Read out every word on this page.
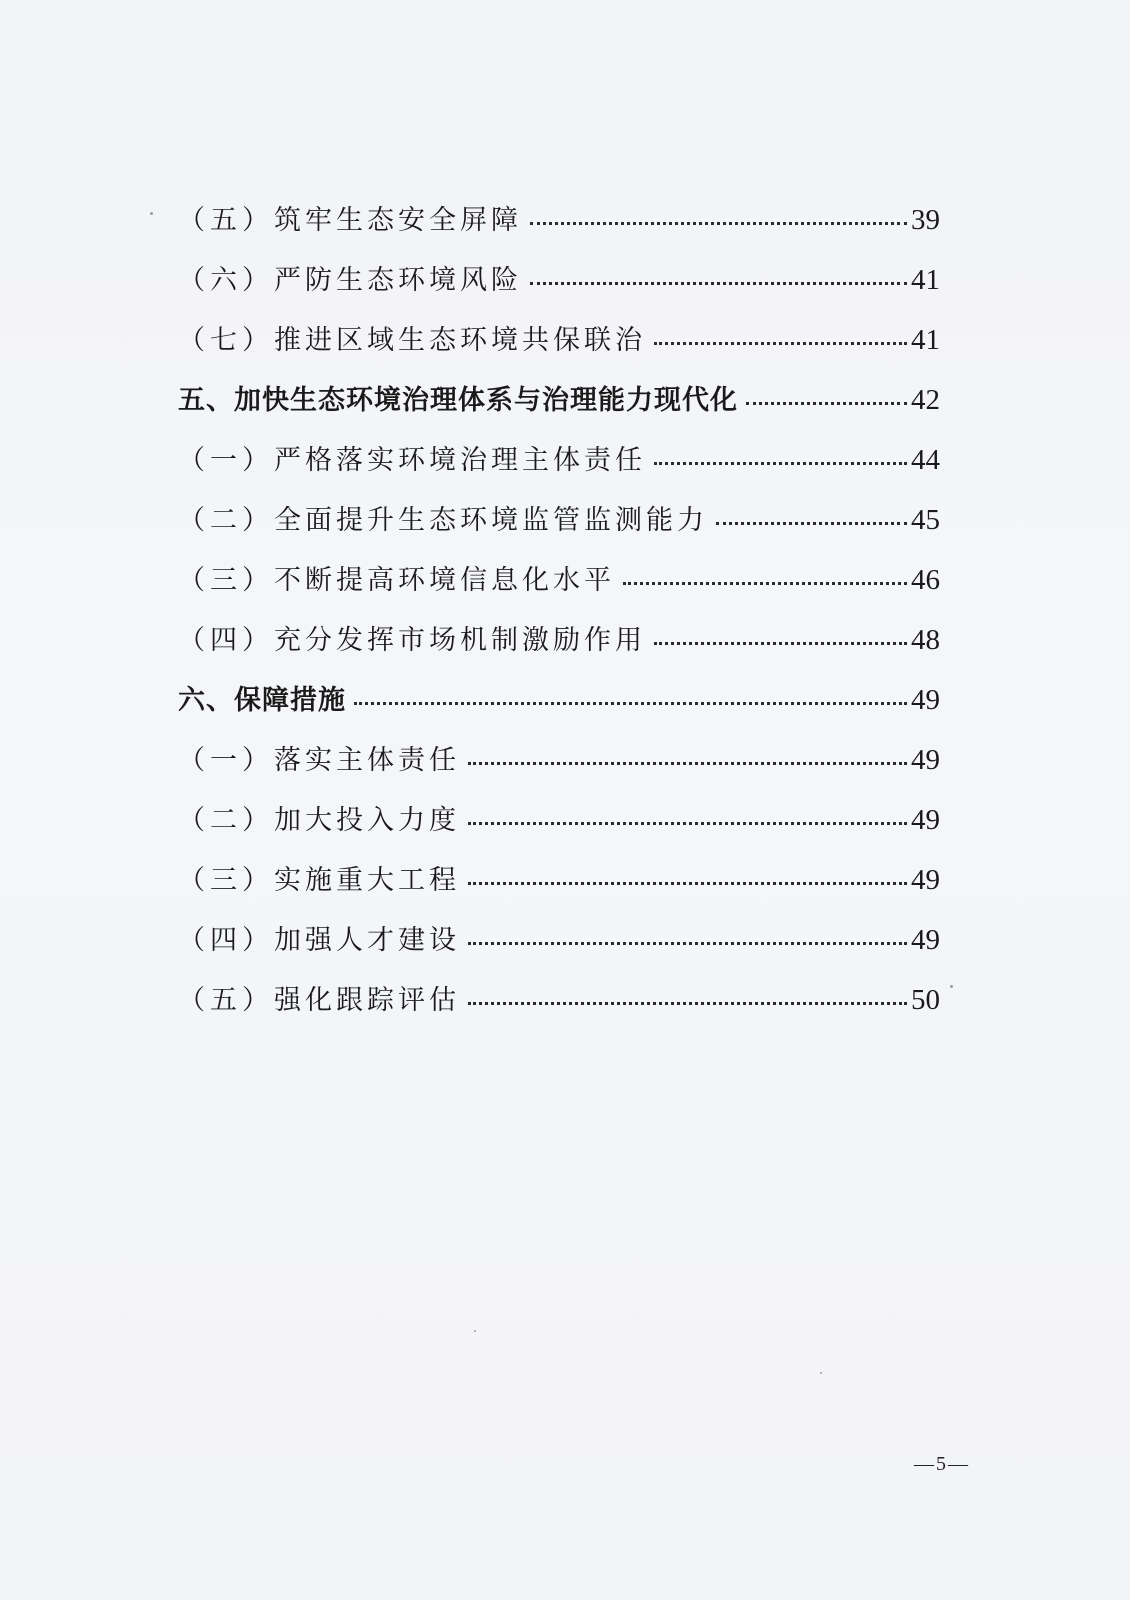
（五） 筑牢生态安全屏障	39
（六） 严防生态环境风险	41
（七） 推进区域生态环境共保联治	41
五、 加快生态环境治理体系与治理能力现代化	42
（一） 严格落实环境治理主体责任	44
（二） 全面提升生态环境监管监测能力	45
（三） 不断提高环境信息化水平	46
（四） 充分发挥市场机制激励作用	48
六、 保障措施	49
（一） 落实主体责任	49
（二） 加大投入力度	49
（三） 实施重大工程	49
（四） 加强人才建设	49
（五） 强化跟踪评估	50
—5—
